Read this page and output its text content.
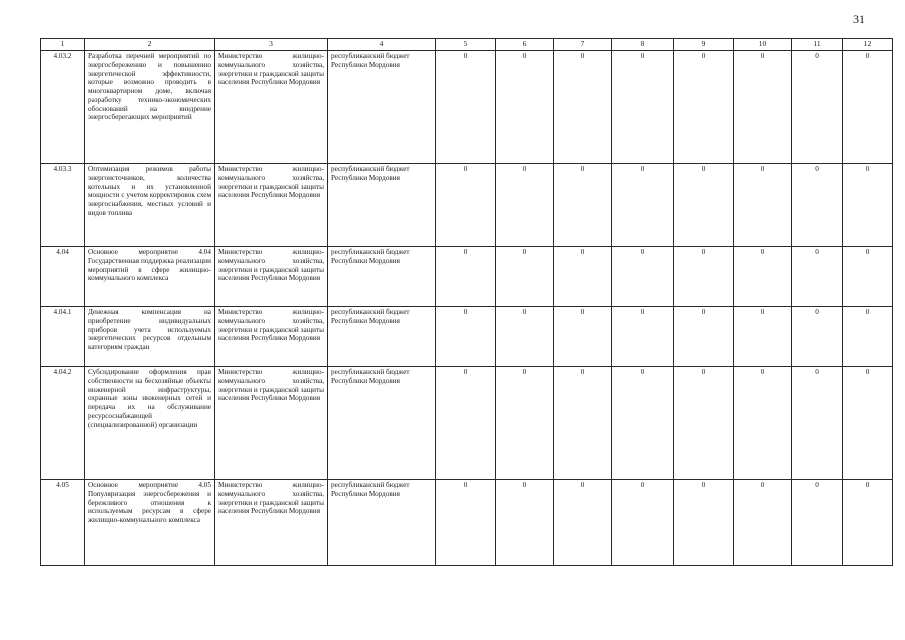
31
1	2	3	4	5	6	7	8	9	10	11	12
4.03.2	Разработка перечней мероприятий по энергосбережению и повышению энергетической эффективности, которые возможно проводить в многоквартирном доме, включая разработку технико-экономических обоснований на внедрение энергосберегающих мероприятий	Министерство жилищно-коммунального хозяйства, энергетики и гражданской защиты населения Республики Мордовия	республиканский бюджет Республики Мордовия	0	0	0	0	0	0	0	0
4.03.3	Оптимизация режимов работы энергоисточников, количества котельных и их установленной мощности с учетом корректировок схем энергоснабжения, местных условий и видов топлива	Министерство жилищно-коммунального хозяйства, энергетики и гражданской защиты населения Республики Мордовия	республиканский бюджет Республики Мордовия	0	0	0	0	0	0	0	0
4.04	Основное мероприятие 4.04 Государственная поддержка реализации мероприятий в сфере жилищно-коммунального комплекса	Министерство жилищно-коммунального хозяйства, энергетики и гражданской защиты населения Республики Мордовия	республиканский бюджет Республики Мордовия	0	0	0	0	0	0	0	0
4.04.1	Денежная компенсация на приобретение индивидуальных приборов учета используемых энергетических ресурсов отдельным категориям граждан	Министерство жилищно-коммунального хозяйства, энергетики и гражданской защиты населения Республики Мордовия	республиканский бюджет Республики Мордовия	0	0	0	0	0	0	0	0
4.04.2	Субсидирование оформления прав собственности на бесхозяйные объекты инженерной инфраструктуры, охранные зоны инженерных сетей и передача их на обслуживание ресурсоснабжающей (специализированной) организации	Министерство жилищно-коммунального хозяйства, энергетики и гражданской защиты населения Республики Мордовия	республиканский бюджет Республики Мордовия	0	0	0	0	0	0	0	0
4.05	Основное мероприятие 4.05 Популяризация энергосбережения и бережливого отношения к используемым ресурсам в сфере жилищно-коммунального комплекса	Министерство жилищно-коммунального хозяйства, энергетики и гражданской защиты населения Республики Мордовия	республиканский бюджет Республики Мордовия	0	0	0	0	0	0	0	0
